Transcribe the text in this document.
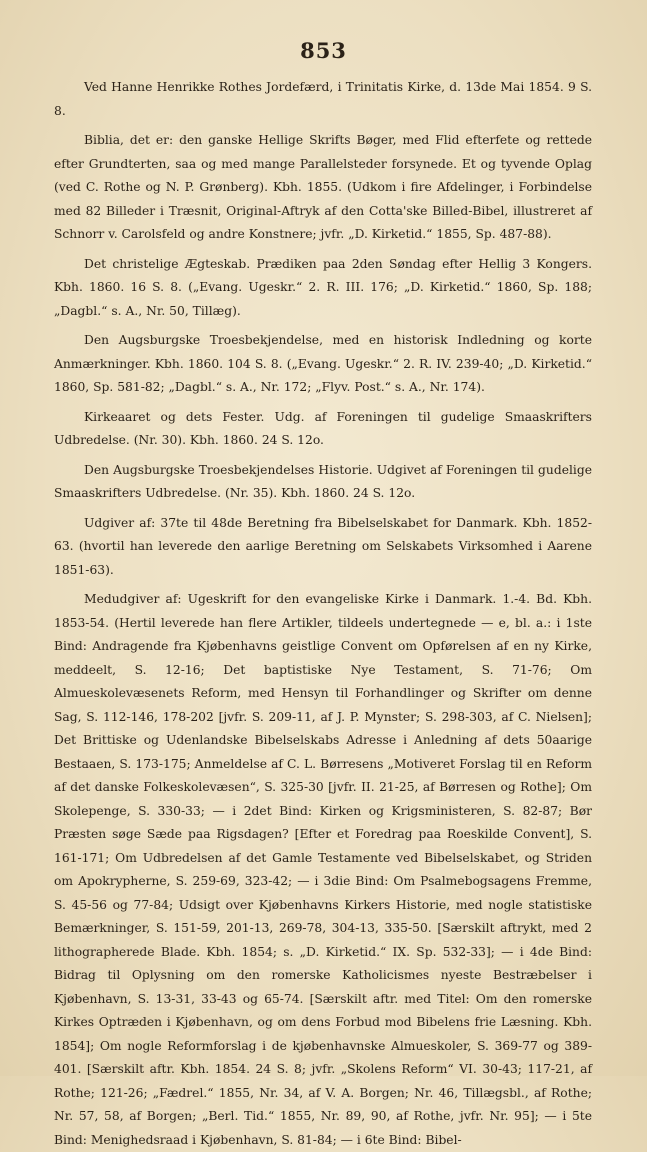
853

Ved Hanne Henrikke Rothes Jordefærd, i Trinitatis Kirke, d. 13de Mai 1854. 9 S. 8.

Biblia, det er: den ganske Hellige Skrifts Bøger, med Flid efterfete og rettede efter Grundterten, saa og med mange Parallelsteder forsynede. Et og tyvende Oplag (ved C. Rothe og N. P. Grønberg). Kbh. 1855. (Udkom i fire Afdelinger, i Forbindelse med 82 Billeder i Træsnit, Original-Aftryk af den Cotta'ske Billed-Bibel, illustreret af Schnorr v. Carolsfeld og andre Konstnere; jvfr. „D. Kirketid.“ 1855, Sp. 487-88).

Det christelige Ægteskab. Prædiken paa 2den Søndag efter Hellig 3 Kongers. Kbh. 1860. 16 S. 8. („Evang. Ugeskr.“ 2. R. III. 176; „D. Kirketid.“ 1860, Sp. 188; „Dagbl.“ s. A., Nr. 50, Tillæg).

Den Augsburgske Troesbekjendelse, med en historisk Indledning og korte Anmærkninger. Kbh. 1860. 104 S. 8. („Evang. Ugeskr.“ 2. R. IV. 239-40; „D. Kirketid.“ 1860, Sp. 581-82; „Dagbl.“ s. A., Nr. 172; „Flyv. Post.“ s. A., Nr. 174).

Kirkeaaret og dets Fester. Udg. af Foreningen til gudelige Smaaskrifters Udbredelse. (Nr. 30). Kbh. 1860. 24 S. 12o.

Den Augsburgske Troesbekjendelses Historie. Udgivet af Foreningen til gudelige Smaaskrifters Udbredelse. (Nr. 35). Kbh. 1860. 24 S. 12o.

Udgiver af: 37te til 48de Beretning fra Bibelselskabet for Danmark. Kbh. 1852-63. (hvortil han leverede den aarlige Beretning om Selskabets Virksomhed i Aarene 1851-63).

Medudgiver af: Ugeskrift for den evangeliske Kirke i Danmark. 1.-4. Bd. Kbh. 1853-54. (Hertil leverede han flere Artikler, tildeels undertegnede — e, bl. a.: i 1ste Bind: Andragende fra Kjøbenhavns geistlige Convent om Opførelsen af en ny Kirke, meddeelt, S. 12-16; Det baptistiske Nye Testament, S. 71-76; Om Almueskolevæsenets Reform, med Hensyn til Forhandlinger og Skrifter om denne Sag, S. 112-146, 178-202 [jvfr. S. 209-11, af J. P. Mynster; S. 298-303, af C. Nielsen]; Det Brittiske og Udenlandske Bibelselskabs Adresse i Anledning af dets 50aarige Bestaaen, S. 173-175; Anmeldelse af C. L. Børresens „Motiveret Forslag til en Reform af det danske Folkeskolevæsen“, S. 325-30 [jvfr. II. 21-25, af Børresen og Rothe]; Om Skolepenge, S. 330-33; — i 2det Bind: Kirken og Krigsministeren, S. 82-87; Bør Præsten søge Sæde paa Rigsdagen? [Efter et Foredrag paa Roeskilde Convent], S. 161-171; Om Udbredelsen af det Gamle Testamente ved Bibelselskabet, og Striden om Apokrypherne, S. 259-69, 323-42; — i 3die Bind: Om Psalmebogsagens Fremme, S. 45-56 og 77-84; Udsigt over Kjøbenhavns Kirkers Historie, med nogle statistiske Bemærkninger, S. 151-59, 201-13, 269-78, 304-13, 335-50. [Særskilt aftrykt, med 2 lithographerede Blade. Kbh. 1854; s. „D. Kirketid.“ IX. Sp. 532-33]; — i 4de Bind: Bidrag til Oplysning om den romerske Katholicismes nyeste Bestræbelser i Kjøbenhavn, S. 13-31, 33-43 og 65-74. [Særskilt aftr. med Titel: Om den romerske Kirkes Optræden i Kjøbenhavn, og om dens Forbud mod Bibelens frie Læsning. Kbh. 1854]; Om nogle Reformforslag i de kjøbenhavnske Almueskoler, S. 369-77 og 389-401. [Særskilt aftr. Kbh. 1854. 24 S. 8; jvfr. „Skolens Reform“ VI. 30-43; 117-21, af Rothe; 121-26; „Fædrel.“ 1855, Nr. 34, af V. A. Borgen; Nr. 46, Tillægsbl., af Rothe; Nr. 57, 58, af Borgen; „Berl. Tid.“ 1855, Nr. 89, 90, af Rothe, jvfr. Nr. 95]; — i 5te Bind: Menighedsraad i Kjøbenhavn, S. 81-84; — i 6te Bind: Bibel-
